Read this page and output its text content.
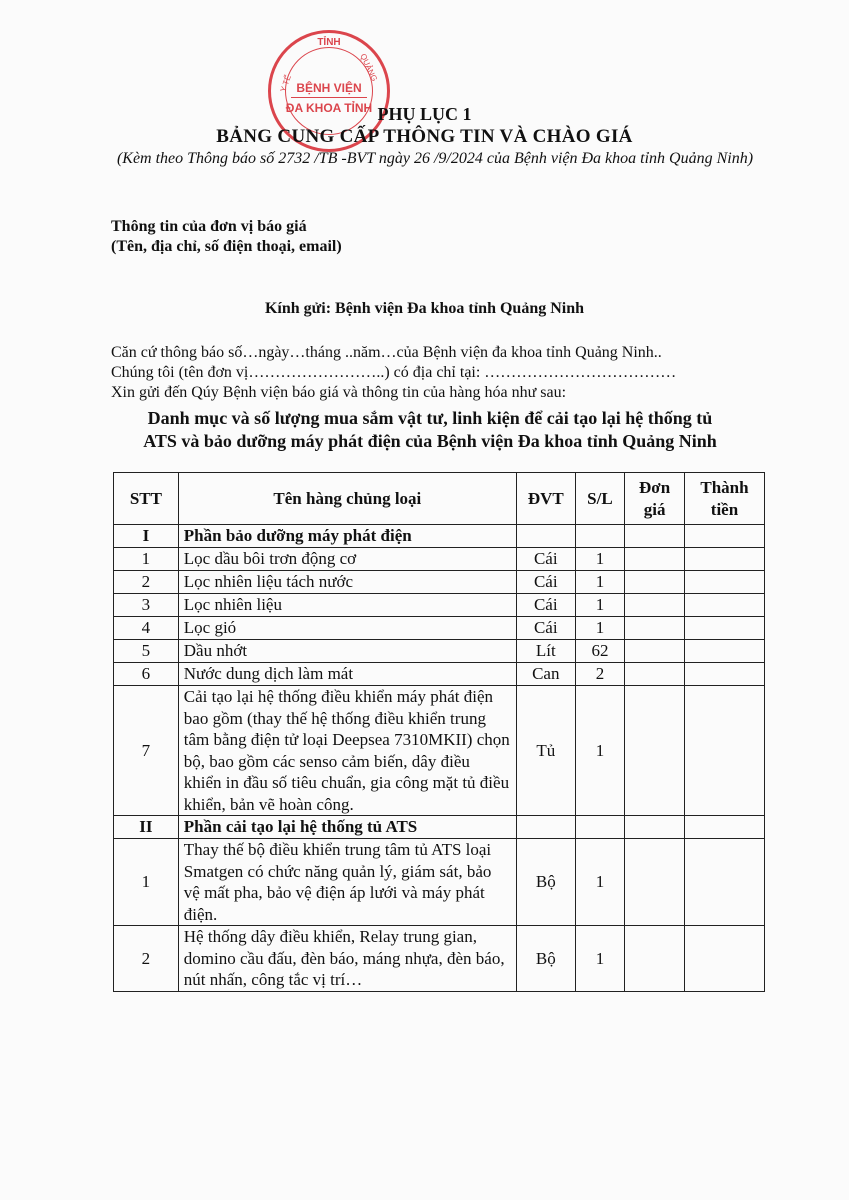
TỈNH
Y TẾ
QUẢNG
BỆNH VIỆN
ĐA KHOA TỈNH PHỤ LỤC 1
BẢNG CUNG CẤP THÔNG TIN VÀ CHÀO GIÁ
(Kèm theo Thông báo số 2732 /TB -BVT ngày 26 /9/2024 của Bệnh viện Đa khoa tỉnh Quảng Ninh)
Thông tin của đơn vị báo giá
(Tên, địa chỉ, số điện thoại, email)
Kính gửi: Bệnh viện Đa khoa tỉnh Quảng Ninh
Căn cứ thông báo số…ngày…tháng ..năm…của Bệnh viện đa khoa tỉnh Quảng Ninh..
Chúng tôi (tên đơn vị……………………..) có địa chỉ tại: ………………………………
Xin gửi đến Qúy Bệnh viện báo giá và thông tin của hàng hóa như sau:
Danh mục và số lượng mua sắm vật tư, linh kiện để cải tạo lại hệ thống tủ
ATS và bảo dưỡng máy phát điện của Bệnh viện Đa khoa tỉnh Quảng Ninh
STT	Tên hàng chủng loại	ĐVT	S/L	Đơn giá	Thành tiền
I	Phần bảo dưỡng máy phát điện				
1	Lọc dầu bôi trơn động cơ	Cái	1		
2	Lọc nhiên liệu tách nước	Cái	1		
3	Lọc nhiên liệu	Cái	1		
4	Lọc gió	Cái	1		
5	Dầu nhớt	Lít	62		
6	Nước dung dịch làm mát	Can	2		
7	Cải tạo lại hệ thống điều khiển máy phát điện bao gồm (thay thế hệ thống điều khiển trung tâm bằng điện tử loại Deepsea 7310MKII) chọn bộ, bao gồm các senso cảm biến, dây điều khiển in đầu số tiêu chuẩn, gia công mặt tủ điều khiển, bản vẽ hoàn công.	Tủ	1		
II	Phần cải tạo lại hệ thống tủ ATS				
1	Thay thế bộ điều khiển trung tâm tủ ATS loại Smatgen có chức năng quản lý, giám sát, bảo vệ mất pha, bảo vệ điện áp lưới và máy phát điện.	Bộ	1		
2	Hệ thống dây điều khiển, Relay trung gian, domino cầu đấu, đèn báo, máng nhựa, đèn báo, nút nhấn, công tắc vị trí…	Bộ	1		
